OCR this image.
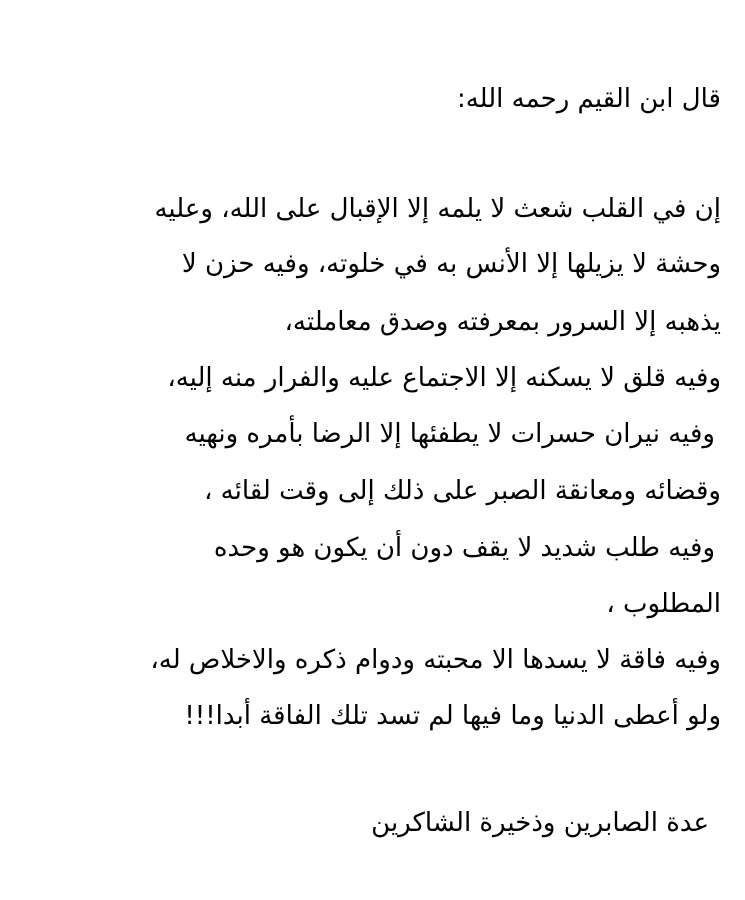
قال ابن القيم رحمه الله:
إن في القلب شعث لا يلمه إلا الإقبال على الله، وعليه
وحشة لا يزيلها إلا الأنس به في خلوته، وفيه حزن لا
يذهبه إلا السرور بمعرفته وصدق معاملته،
وفيه قلق لا يسكنه إلا الاجتماع عليه والفرار منه إليه،
وفيه نيران حسرات لا يطفئها إلا الرضا بأمره ونهيه
وقضائه ومعانقة الصبر على ذلك إلى وقت لقائه ،
وفيه طلب شديد لا يقف دون أن يكون هو وحده
المطلوب ،
وفيه فاقة لا يسدها الا محبته ودوام ذكره والاخلاص له،
ولو أعطى الدنيا وما فيها لم تسد تلك الفاقة أبدا!!!
عدة الصابرين وذخيرة الشاكرين
